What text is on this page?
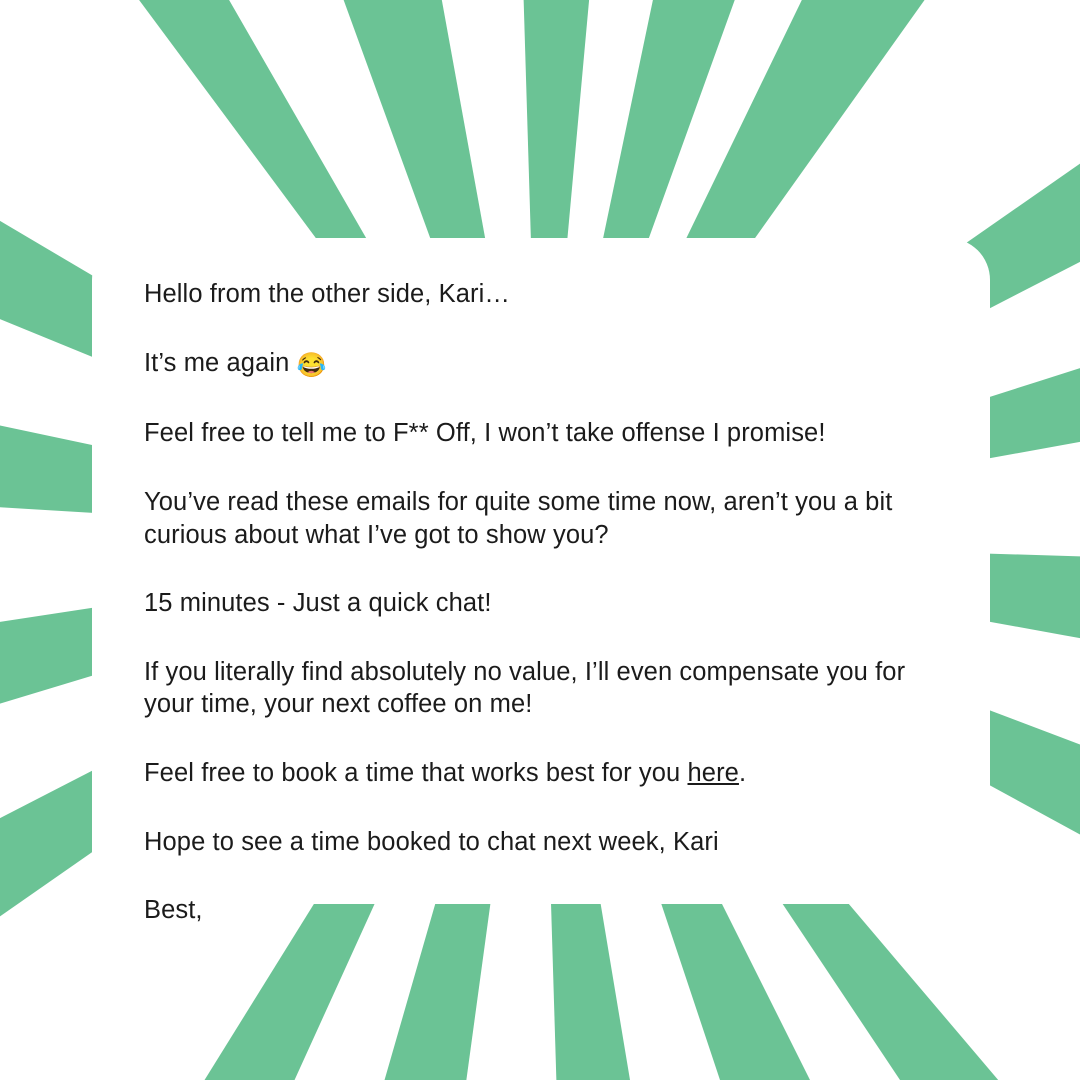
Hello from the other side, Kari…

It’s me again 😂

Feel free to tell me to F** Off, I won’t take offense I promise!

You’ve read these emails for quite some time now, aren’t you a bit curious about what I’ve got to show you?

15 minutes - Just a quick chat!

If you literally find absolutely no value, I’ll even compensate you for your time, your next coffee on me!

Feel free to book a time that works best for you here.

Hope to see a time booked to chat next week, Kari

Best,
